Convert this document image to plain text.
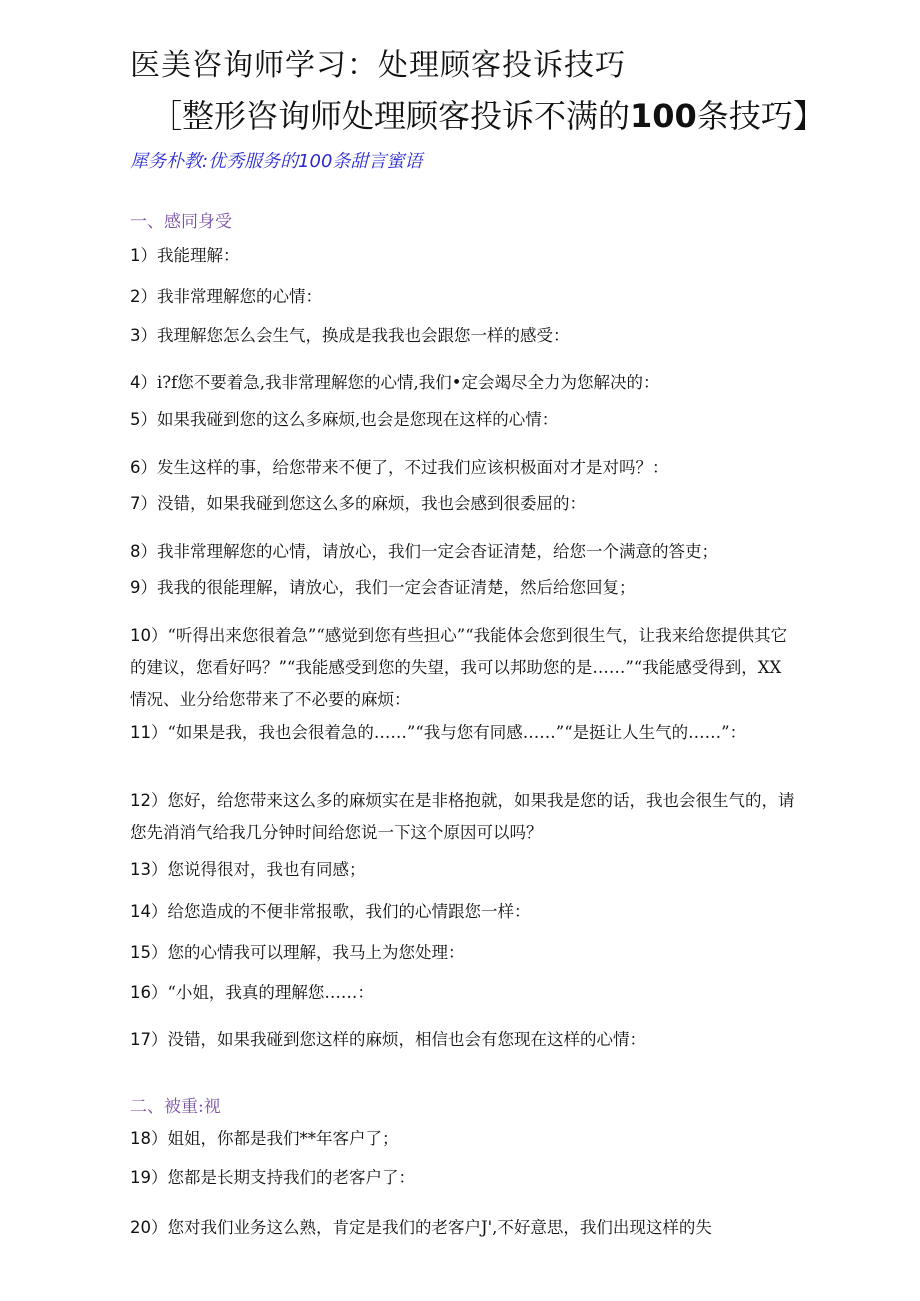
医美咨询师学习：处理顾客投诉技巧
［整形咨询师处理顾客投诉不满的100条技巧】
犀务朴教:优秀服务的100条甜言蜜语
一、感同身受
1）我能理解：
2）我非常理解您的心情：
3）我理解您怎么会生气，换成是我我也会跟您一样的感受：
4）i?f您不要着急,我非常理解您的心情,我们•定会竭尽全力为您解决的：
5）如果我碰到您的这么多麻烦,也会是您现在这样的心情：
6）发生这样的事，给您带来不便了，不过我们应该枳极面对才是对吗？：
7）没错，如果我碰到您这么多的麻烦，我也会感到很委屈的：
8）我非常理解您的心情，请放心，我们一定会杳证清楚，给您一个满意的答吏；
9）我我的很能理解，请放心，我们一定会杳证清楚，然后给您回复；
10）“听得出来您很着急”“感觉到您有些担心”“我能体会您到很生气，让我来给您提供其它的建议，您看好吗？”“我能感受到您的失望，我可以邦助您的是……”“我能感受得到，XX情况、业分给您带来了不必要的麻烦：
11）“如果是我，我也会很着急的……”“我与您有同感……”“是挺让人生气的……”：
12）您好，给您带来这么多的麻烦实在是非格抱就，如果我是您的话，我也会很生气的，请您先消消气给我几分钟时间给您说一下这个原因可以吗？
13）您说得很对，我也有同感；
14）给您造成的不便非常报歌，我们的心情跟您一样：
15）您的心情我可以理解，我马上为您处理：
16）“小姐，我真的理解您……：
17）没错，如果我碰到您这样的麻烦，相信也会有您现在这样的心情：
二、被重:视
18）姐姐，你都是我们**年客户了；
19）您都是长期支持我们的老客户了：
20）您对我们业务这么熟，肯定是我们的老客户J',不好意思，我们出现这样的失
